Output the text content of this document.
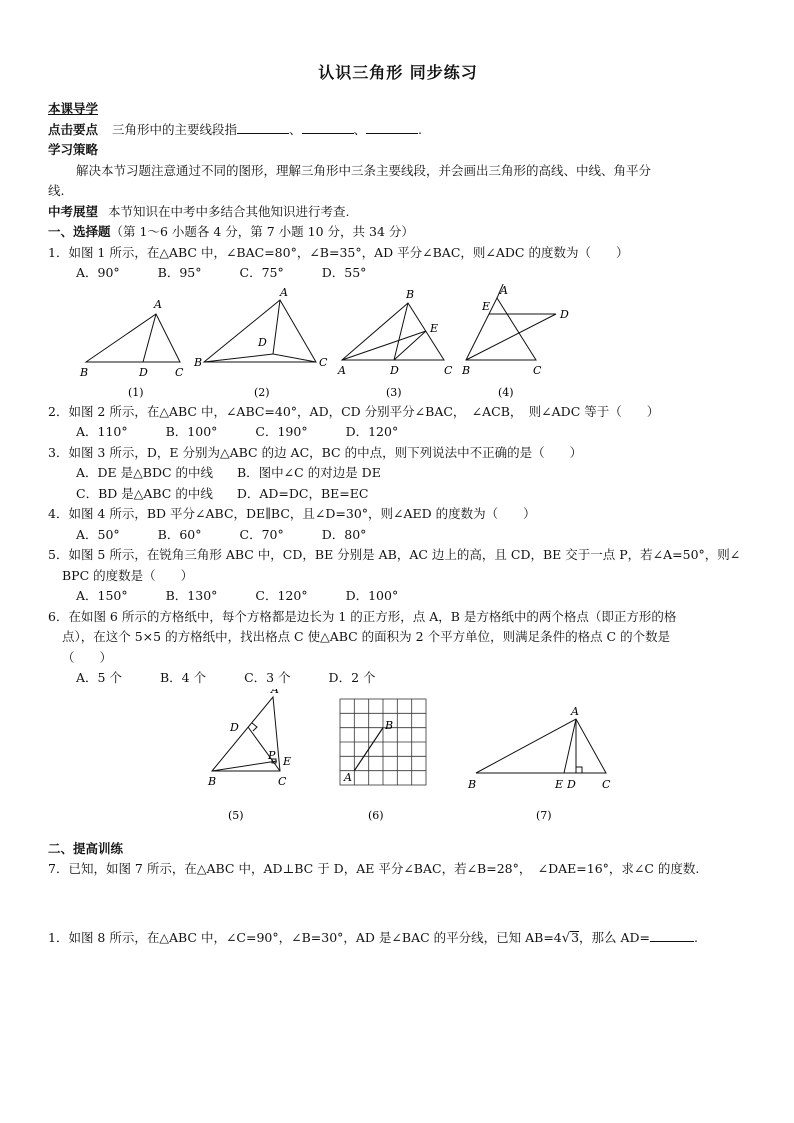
认识三角形 同步练习
本课导学
点击要点 三角形中的主要线段指	、	、	.
学习策略
解决本节习题注意通过不同的图形，理解三角形中三条主要线段，并会画出三角形的高线、中线、角平分
线.
中考展望 本节知识在中考中多结合其他知识进行考查.
一、选择题（第 1～6 小题各 4 分，第 7 小题 10 分，共 34 分）
1．如图 1 所示，在△ABC 中，∠BAC=80°，∠B=35°，AD 平分∠BAC，则∠ADC 的度数为（　　）
A．90°	B．95°	C．75°	D．55°
A
B	D C
(1)
A
B
D
C
(2)
B
E
A	D	C
(3)
A
E
D
B	C
(4)
2．如图 2 所示，在△ABC 中，∠ABC=40°，AD，CD 分别平分∠BAC，　∠ACB，　则∠ADC 等于（　　）
A．110°	B．100°	C．190°	D．120°
3．如图 3 所示，D，E 分别为△ABC 的边 AC，BC 的中点，则下列说法中不正确的是（　　）
A．DE 是△BDC 的中线 B．图中∠C 的对边是 DE
C．BD 是△ABC 的中线 D．AD=DC，BE=EC
4．如图 4 所示，BD 平分∠ABC，DE∥BC，且∠D=30°，则∠AED 的度数为（　　）
A．50°	B．60°	C．70°	D．80°
5．如图 5 所示，在锐角三角形 ABC 中，CD，BE 分别是 AB，AC 边上的高，且 CD，BE 交于一点 P，若∠A=50°，则∠
BPC 的度数是（　　）
A．150°	B．130°	C．120°	D．100°
6．在如图 6 所示的方格纸中，每个方格都是边长为 1 的正方形，点 A，B 是方格纸中的两个格点（即正方形的格
点），在这个 5×5 的方格纸中，找出格点 C 使△ABC 的面积为 2 个平方单位，则满足条件的格点 C 的个数是
（　　）
A．5 个	B．4 个	C．3 个	D．2 个
A
D
P E
B	C
(5)
B
A
(6)
A
B	E D C
(7)
二、提高训练
7．已知，如图 7 所示，在△ABC 中，AD⊥BC 于 D，AE 平分∠BAC，若∠B=28°，　∠DAE=16°，求∠C 的度数.
1．如图 8 所示，在△ABC 中，∠C=90°，∠B=30°，AD 是∠BAC 的平分线，已知 AB=4√3，那么 AD=	.
